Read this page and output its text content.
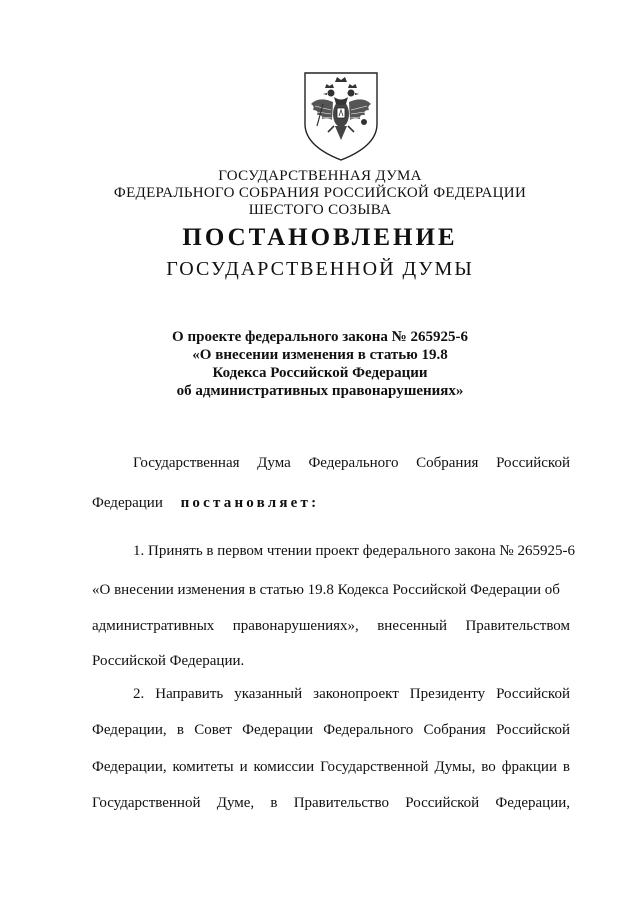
ГОСУДАРСТВЕННАЯ ДУМА
ФЕДЕРАЛЬНОГО СОБРАНИЯ РОССИЙСКОЙ ФЕДЕРАЦИИ
ШЕСТОГО СОЗЫВА
ПОСТАНОВЛЕНИЕ
ГОСУДАРСТВЕННОЙ ДУМЫ
О проекте федерального закона № 265925-6
«О внесении изменения в статью 19.8
Кодекса Российской Федерации
об административных правонарушениях»
Государственная Дума Федерального Собрания Российской
Федерации постановляет:
1. Принять в первом чтении проект федерального закона № 265925-6
«О внесении изменения в статью 19.8 Кодекса Российской Федерации об
административных правонарушениях», внесенный Правительством
Российской Федерации.
2. Направить указанный законопроект Президенту Российской
Федерации, в Совет Федерации Федерального Собрания Российской
Федерации, комитеты и комиссии Государственной Думы, во фракции в
Государственной Думе, в Правительство Российской Федерации,
